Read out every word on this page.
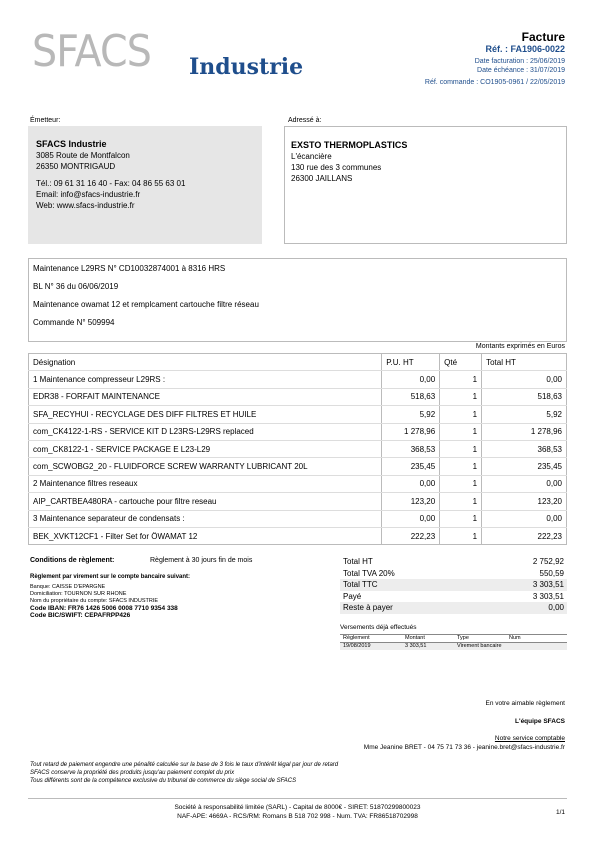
SFACS Industrie
Facture
Réf. : FA1906-0022
Date facturation : 25/06/2019
Date échéance : 31/07/2019
Réf. commande : CO1905-0961 / 22/05/2019
Émetteur:
SFACS Industrie
3085 Route de Montfalcon
26350 MONTRIGAUD
Tél.: 09 61 31 16 40 - Fax: 04 86 55 63 01
Email: info@sfacs-industrie.fr
Web: www.sfacs-industrie.fr
Adressé à:
EXSTO THERMOPLASTICS
L'écancière
130 rue des 3 communes
26300 JAILLANS
Maintenance L29RS N° CD10032874001 à 8316 HRS
BL N° 36 du 06/06/2019
Maintenance owamat 12 et remplcament cartouche filtre réseau
Commande N° 509994
Montants exprimés en Euros
Désignation	P.U. HT	Qté	Total HT
1 Maintenance compresseur L29RS :	0,00	1	0,00
EDR38 - FORFAIT MAINTENANCE	518,63	1	518,63
SFA_RECYHUI - RECYCLAGE DES DIFF FILTRES ET HUILE	5,92	1	5,92
com_CK4122-1-RS - SERVICE KIT D L23RS-L29RS replaced	1 278,96	1	1 278,96
com_CK8122-1 - SERVICE PACKAGE E L23-L29	368,53	1	368,53
com_SCWOBG2_20 - FLUIDFORCE SCREW WARRANTY LUBRICANT 20L	235,45	1	235,45
2 Maintenance filtres reseaux	0,00	1	0,00
AIP_CARTBEA480RA - cartouche pour filtre reseau	123,20	1	123,20
3 Maintenance separateur de condensats :	0,00	1	0,00
BEK_XVKT12CF1 - Filter Set for ÖWAMAT 12	222,23	1	222,23
Conditions de règlement:	Règlement à 30 jours fin de mois
Règlement par virement sur le compte bancaire suivant:
Banque: CAISSE D'EPARGNE
Domiciliation: TOURNON SUR RHONE
Nom du propriétaire du compte: SFACS INDUSTRIE
Code IBAN: FR76 1426 5006 0008 7710 9354 338
Code BIC/SWIFT: CEPAFRPP426
Total HT	2 752,92
Total TVA 20%	550,59
Total TTC	3 303,51
Payé	3 303,51
Reste à payer	0,00
Versements déjà effectués
Règlement	Montant	Type	Num
19/08/2019	3 303,51	Virement bancaire
En votre aimable règlement
L'équipe SFACS
Notre service comptable
Mme Jeanine BRET - 04 75 71 73 36 - jeanine.bret@sfacs-industrie.fr
Tout retard de paiement engendre une pénalité calculée sur la base de 3 fois le taux d'intérêt légal par jour de retard
SFACS conserve la propriété des produits jusqu'au paiement complet du prix
Tous différents sont de la compétence exclusive du tribunal de commerce du siège social de SFACS
Société à responsabilité limitée (SARL) - Capital de 8000€ - SIRET: 51870299800023
NAF-APE: 4669A - RCS/RM: Romans B 518 702 998 - Num. TVA: FR86518702998
1/1
